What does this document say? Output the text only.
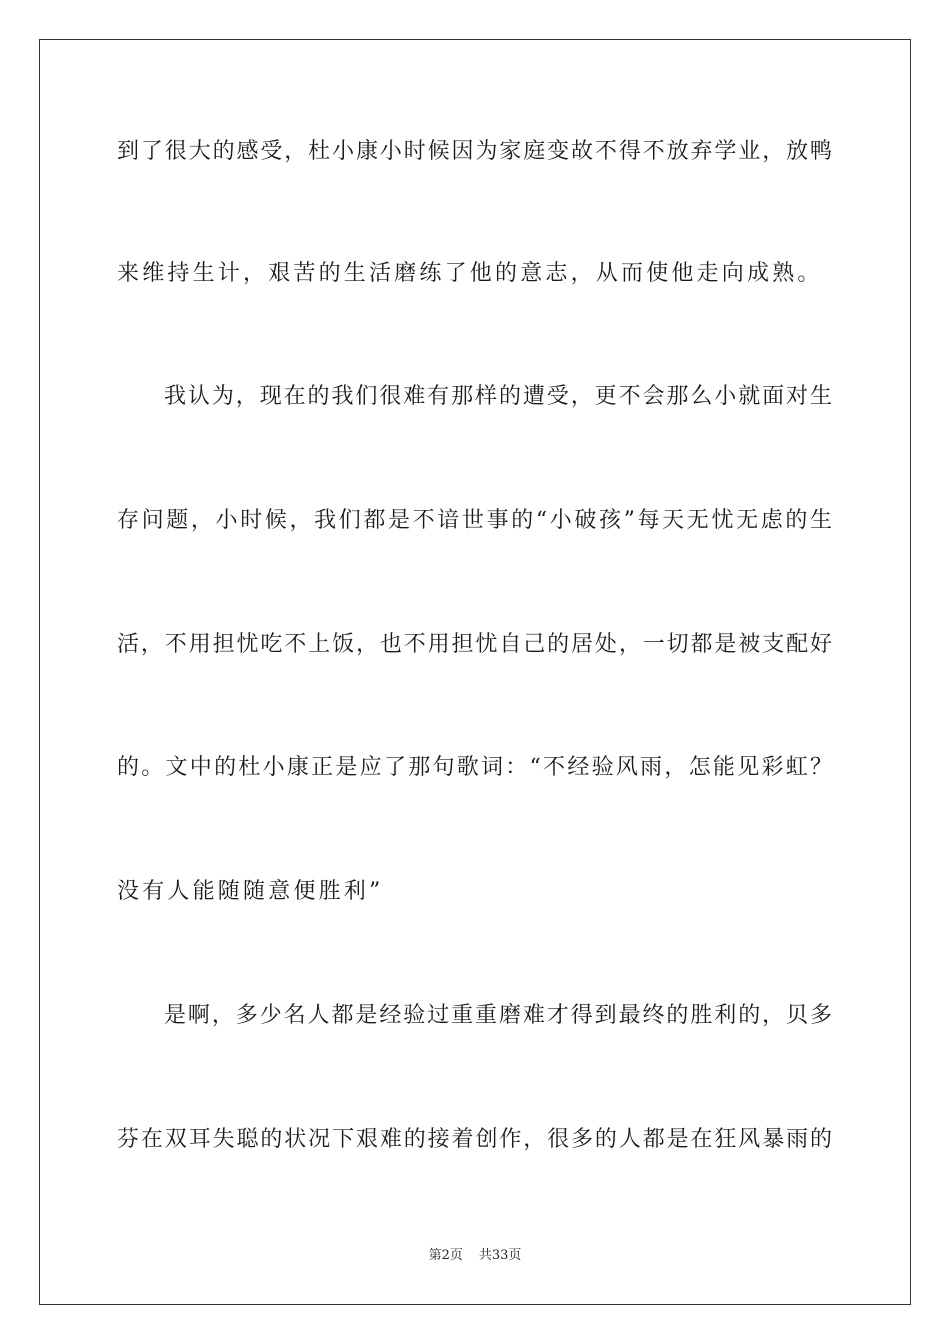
到了很大的感受，杜小康小时候因为家庭变故不得不放弃学业，放鸭
来维持生计，艰苦的生活磨练了他的意志，从而使他走向成熟。
我认为，现在的我们很难有那样的遭受，更不会那么小就面对生
存问题，小时候，我们都是不谙世事的“小破孩”每天无忧无虑的生
活，不用担忧吃不上饭，也不用担忧自己的居处，一切都是被支配好
的。文中的杜小康正是应了那句歌词：“不经验风雨，怎能见彩虹？
没有人能随随意便胜利”
是啊，多少名人都是经验过重重磨难才得到最终的胜利的，贝多
芬在双耳失聪的状况下艰难的接着创作，很多的人都是在狂风暴雨的
第2页 共33页
